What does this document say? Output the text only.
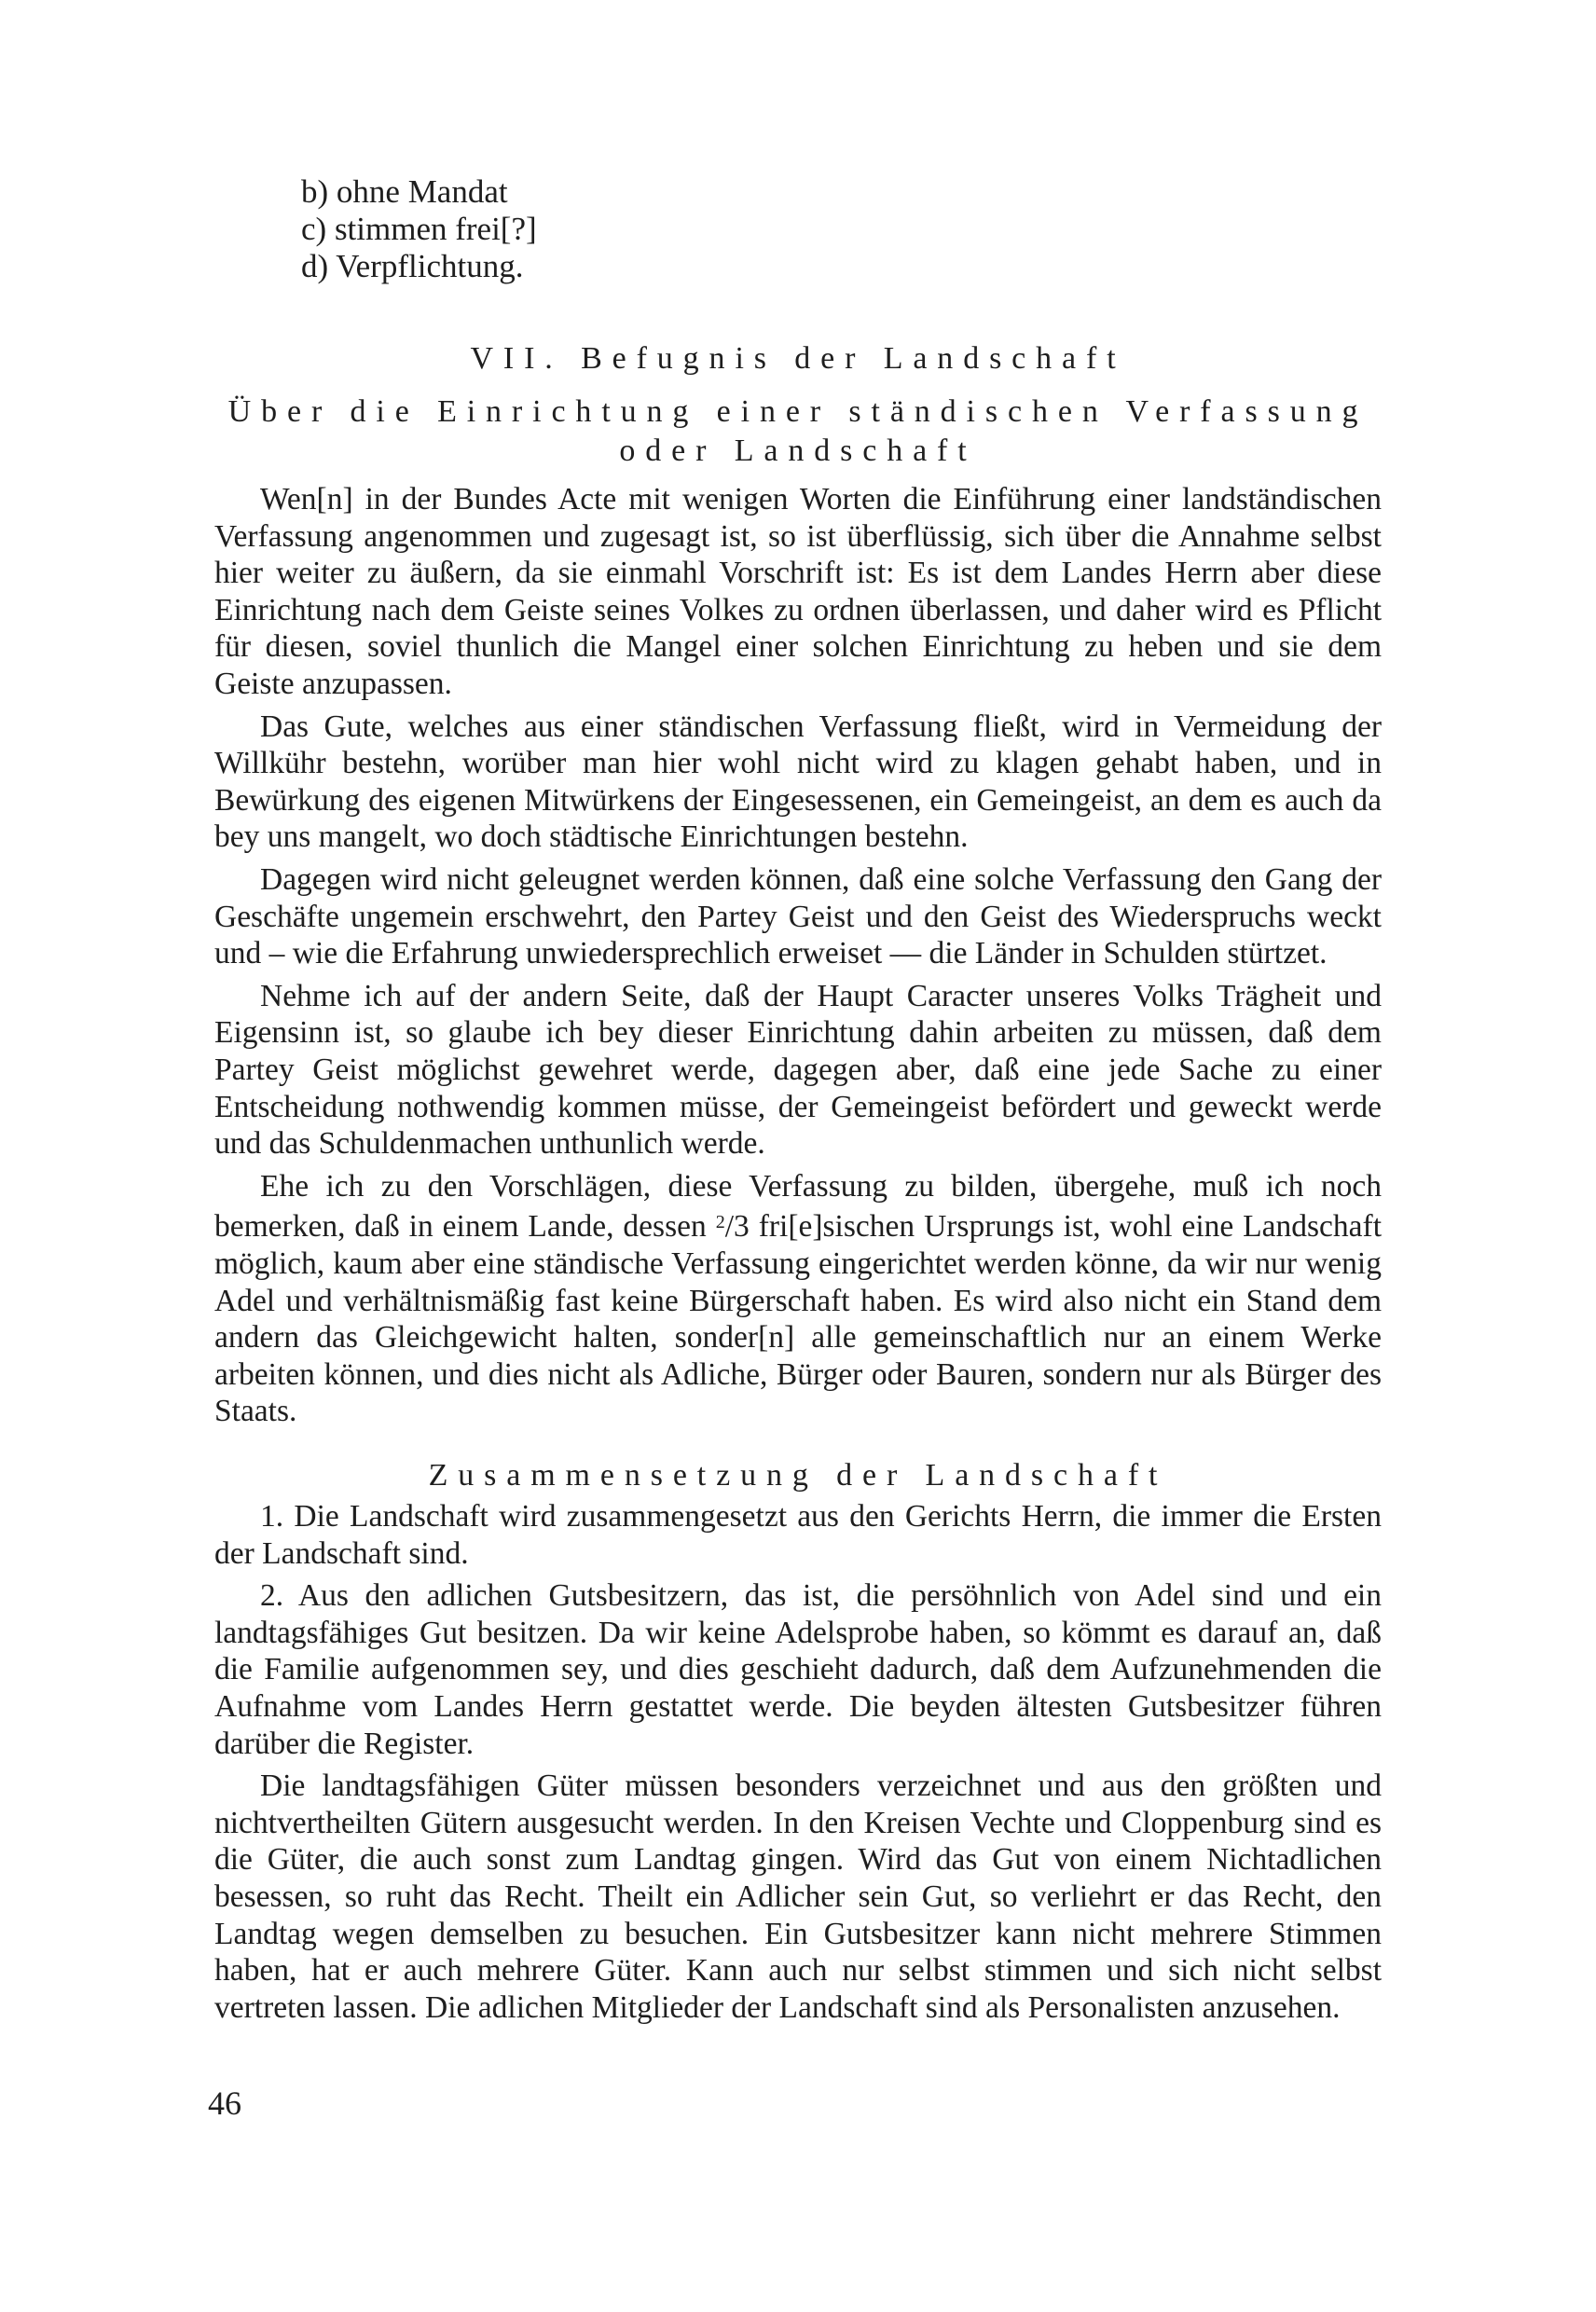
b) ohne Mandat
c) stimmen frei[?]
d) Verpflichtung.
VII. Befugnis der Landschaft
Über die Einrichtung einer ständischen Verfassung
oder Landschaft

Wen[n] in der Bundes Acte mit wenigen Worten die Einführung einer landständischen Verfassung angenommen und zugesagt ist, so ist überflüssig, sich über die Annahme selbst hier weiter zu äußern, da sie einmahl Vorschrift ist: Es ist dem Landes Herrn aber diese Einrichtung nach dem Geiste seines Volkes zu ordnen überlassen, und daher wird es Pflicht für diesen, soviel thunlich die Mangel einer solchen Einrichtung zu heben und sie dem Geiste anzupassen.

Das Gute, welches aus einer ständischen Verfassung fließt, wird in Vermeidung der Willkühr bestehn, worüber man hier wohl nicht wird zu klagen gehabt haben, und in Bewürkung des eigenen Mitwürkens der Eingesessenen, ein Gemeingeist, an dem es auch da bey uns mangelt, wo doch städtische Einrichtungen bestehn.

Dagegen wird nicht geleugnet werden können, daß eine solche Verfassung den Gang der Geschäfte ungemein erschwehrt, den Partey Geist und den Geist des Wiederspruchs weckt und – wie die Erfahrung unwiedersprechlich erweiset — die Länder in Schulden stürtzet.

Nehme ich auf der andern Seite, daß der Haupt Caracter unseres Volks Trägheit und Eigensinn ist, so glaube ich bey dieser Einrichtung dahin arbeiten zu müssen, daß dem Partey Geist möglichst gewehret werde, dagegen aber, daß eine jede Sache zu einer Entscheidung nothwendig kommen müsse, der Gemeingeist befördert und geweckt werde und das Schuldenmachen unthunlich werde.

Ehe ich zu den Vorschlägen, diese Verfassung zu bilden, übergehe, muß ich noch bemerken, daß in einem Lande, dessen $^2$/3 fri[e]sischen Ursprungs ist, wohl eine Landschaft möglich, kaum aber eine ständische Verfassung eingerichtet werden könne, da wir nur wenig Adel und verhältnismäßig fast keine Bürgerschaft haben. Es wird also nicht ein Stand dem andern das Gleichgewicht halten, sonder[n] alle gemeinschaftlich nur an einem Werke arbeiten können, und dies nicht als Adliche, Bürger oder Bauren, sondern nur als Bürger des Staats.

Zusammensetzung der Landschaft

1. Die Landschaft wird zusammengesetzt aus den Gerichts Herrn, die immer die Ersten der Landschaft sind.

2. Aus den adlichen Gutsbesitzern, das ist, die persöhnlich von Adel sind und ein landtagsfähiges Gut besitzen. Da wir keine Adelsprobe haben, so kömmt es darauf an, daß die Familie aufgenommen sey, und dies geschieht dadurch, daß dem Aufzunehmenden die Aufnahme vom Landes Herrn gestattet werde. Die beyden ältesten Gutsbesitzer führen darüber die Register.

Die landtagsfähigen Güter müssen besonders verzeichnet und aus den größten und nichtvertheilten Gütern ausgesucht werden. In den Kreisen Vechte und Cloppenburg sind es die Güter, die auch sonst zum Landtag gingen. Wird das Gut von einem Nichtadlichen besessen, so ruht das Recht. Theilt ein Adlicher sein Gut, so verliehrt er das Recht, den Landtag wegen demselben zu besuchen. Ein Gutsbesitzer kann nicht mehrere Stimmen haben, hat er auch mehrere Güter. Kann auch nur selbst stimmen und sich nicht selbst vertreten lassen. Die adlichen Mitglieder der Landschaft sind als Personalisten anzusehen.

46
